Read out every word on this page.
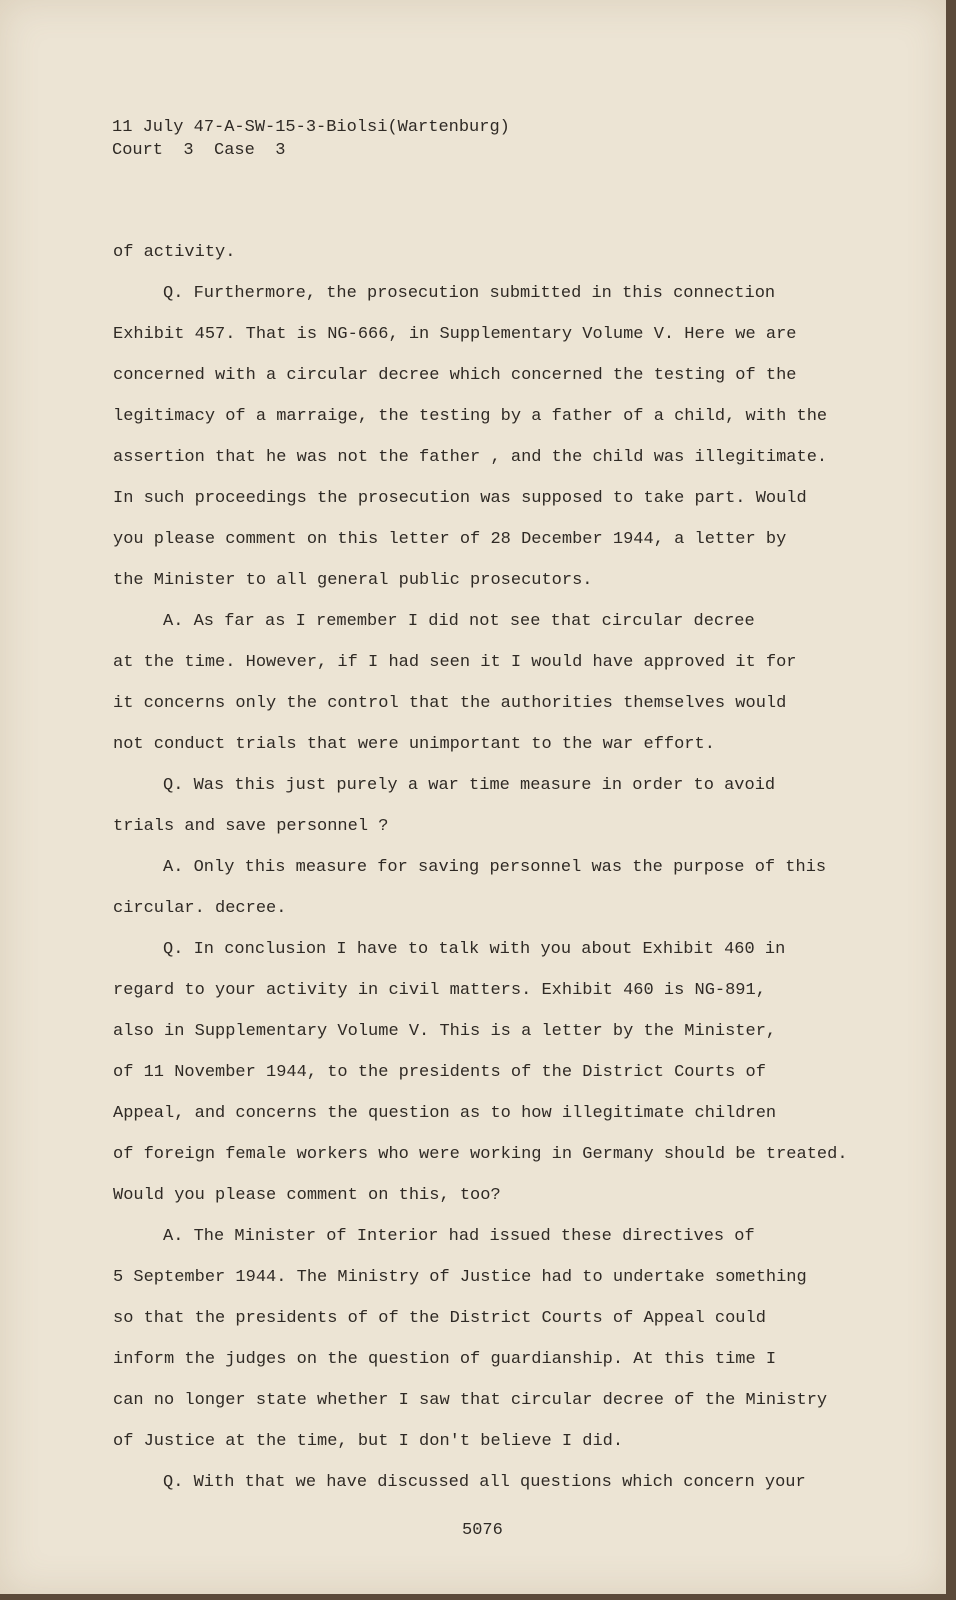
11 July 47-A-SW-15-3-Biolsi(Wartenburg)
Court  3  Case  3
of activity.
Q. Furthermore, the prosecution submitted in this connection
Exhibit 457. That is NG-666, in Supplementary Volume V. Here we are
concerned with a circular decree which concerned the testing of the
legitimacy of a marraige, the testing by a father of a child, with the
assertion that he was not the father , and the child was illegitimate.
In such proceedings the prosecution was supposed to take part. Would
you please comment on this letter of 28 December 1944, a letter by
the Minister to all general public prosecutors.
A. As far as I remember I did not see that circular decree
at the time. However, if I had seen it I would have approved it for
it concerns only the control that the authorities themselves would
not conduct trials that were unimportant to the war effort.
Q. Was this just purely a war time measure in order to avoid
trials and save personnel ?
A. Only this measure for saving personnel was the purpose of this
circular. decree.
Q. In conclusion I have to talk with you about Exhibit 460 in
regard to your activity in civil matters. Exhibit 460 is NG-891,
also in Supplementary Volume V. This is a letter by the Minister,
of 11 November 1944, to the presidents of the District Courts of
Appeal, and concerns the question as to how illegitimate children
of foreign female workers who were working in Germany should be treated.
Would you please comment on this, too?
A. The Minister of Interior had issued these directives of
5 September 1944. The Ministry of Justice had to undertake something
so that the presidents of of the District Courts of Appeal could
inform the judges on the question of guardianship. At this time I
can no longer state whether I saw that circular decree of the Ministry
of Justice at the time, but I don't believe I did.
Q. With that we have discussed all questions which concern your
5076
